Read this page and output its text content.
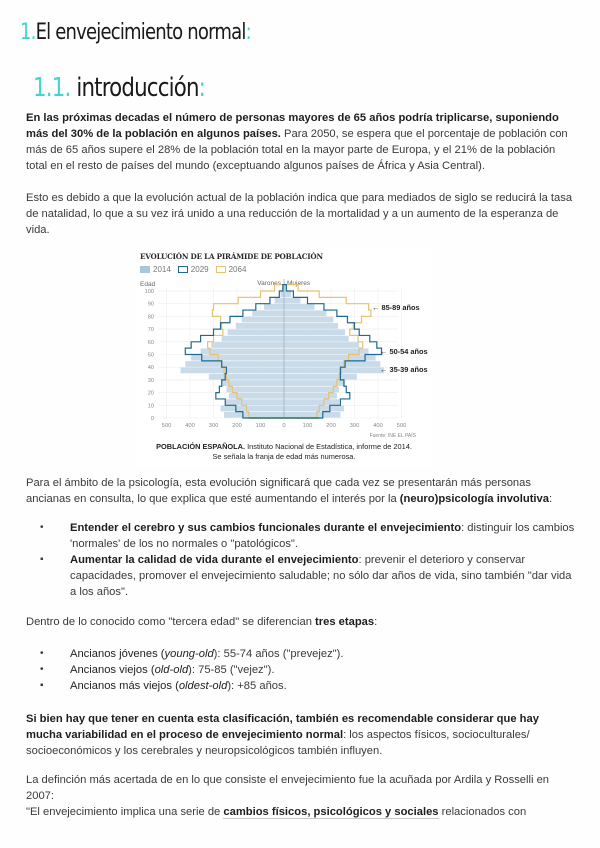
1.El envejecimiento normal:
1.1. introducción:

En las próximas decadas el número de personas mayores de 65 años podría triplicarse, suponiendo más del 30% de la población en algunos países. Para 2050, se espera que el porcentaje de población con más de 65 años supere el 28% de la población total en la mayor parte de Europa, y el 21% de la población total en el resto de países del mundo (exceptuando algunos países de África y Asia Central).

Esto es debido a que la evolución actual de la población indica que para mediados de siglo se reducirá la tasa de natalidad, lo que a su vez irá unido a una reducción de la mortalidad y a un aumento de la esperanza de vida.

EVOLUCIÓN DE LA PIRÁMIDE DE POBLACIÓN
2014	2029	2064
Edad	Varones Mujeres
0
10
20
30
40
50
60
70
80
90
100
500 400 300 200 100	0	100 200 300 400 500
← 85-89 años
← 50-54 años
← 35-39 años
Fuente: INE EL PAÍS
POBLACIÓN ESPAÑOLA. Instituto Nacional de Estadística, informe de 2014.
Se señala la franja de edad más numerosa.

Para el ámbito de la psicología, esta evolución significará que cada vez se presentarán más personas ancianas en consulta, lo que explica que esté aumentando el interés por la (neuro)psicología involutiva:

• Entender el cerebro y sus cambios funcionales durante el envejecimiento: distinguir los cambios 'normales' de los no normales o "patológicos".
▪ Aumentar la calidad de vida durante el envejecimiento: prevenir el deterioro y conservar capacidades, promover el envejecimiento saludable; no sólo dar años de vida, sino también "dar vida a los años".

Dentro de lo conocido como "tercera edad" se diferencian tres etapas:

• Ancianos jóvenes (young-old): 55-74 años ("prevejez").
• Ancianos viejos (old-old): 75-85 ("vejez").
▪ Ancianos más viejos (oldest-old): +85 años.

Si bien hay que tener en cuenta esta clasificación, también es recomendable considerar que hay mucha variabilidad en el proceso de envejecimiento normal: los aspectos físicos, socioculturales/ socioeconómicos y los cerebrales y neuropsicológicos también influyen.

La definción más acertada de en lo que consiste el envejecimiento fue la acuñada por Ardila y Rosselli en 2007:

"El envejecimiento implica una serie de cambios físicos, psicológicos y sociales relacionados con
